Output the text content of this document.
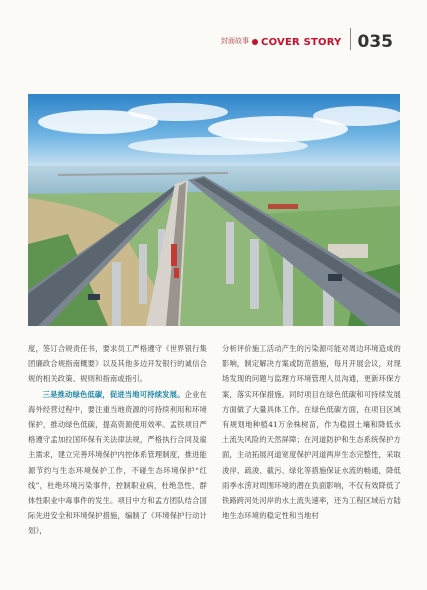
封面故事 COVER STORY 035

度，签订合规责任书，要求员工严格遵守《世界银行集团廉政合规指南概要》以及其他多边开发银行的诚信合规的相关政策、规则和指南或指引。

三是推动绿色低碳，促进当地可持续发展。企业在海外经营过程中，要注重当地资源的可持续利用和环境保护，推动绿色低碳，提高资源使用效率。孟铁项目严格遵守孟加拉国环保有关法律法规，严格执行合同及雇主需求，建立完善环境保护内控体系管理制度，推进能源节约与生态环境保护工作，不碰生态环境保护“红线”，杜绝环境污染事件，控制职业病，杜绝急性、群体性职业中毒事件的发生。项目中方和孟方团队结合国际先进安全和环境保护措施，编制了《环境保护行动计划》，

分析评价施工活动产生的污染源可能对周边环境造成的影响，制定解决方案或防范措施，每月开展会议，对现场发现的问题与监理方环境管理人员沟通，更新环保方案，落实环保措施。同时项目在绿色低碳和可持续发展方面做了大量具体工作。在绿色低碳方面，在项目区域有规划地种植41万余株树苗，作为稳固土壤和降低水土流失风险的天然屏障；在河道防护和生态系统保护方面，主动拓展河道宽度保护河道两岸生态完整性，采取浚岸、疏浚、截污、绿化等措施保证水流的畅通，降低雨季水涝对周围环境的潜在负面影响，不仅有效降低了铁路跨河处河岸的水土流失速率，还为工程区域后方陆地生态环境的稳定性和当地村
